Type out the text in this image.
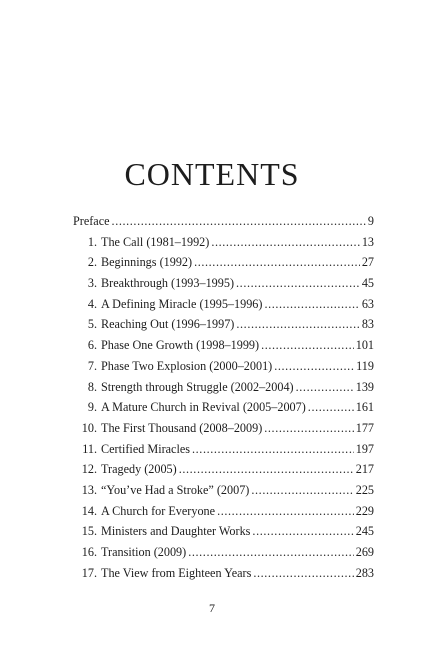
CONTENTS
Preface .....	9
1. The Call (1981–1992) .....	13
2. Beginnings (1992) .....	27
3. Breakthrough (1993–1995) .....	45
4. A Defining Miracle (1995–1996) .....	63
5. Reaching Out (1996–1997) .....	83
6. Phase One Growth (1998–1999) .....	101
7. Phase Two Explosion (2000–2001) .....	119
8. Strength through Struggle (2002–2004) .....	139
9. A Mature Church in Revival (2005–2007) .....	161
10. The First Thousand (2008–2009) .....	177
11. Certified Miracles .....	197
12. Tragedy (2005) .....	217
13. “You’ve Had a Stroke” (2007) .....	225
14. A Church for Everyone .....	229
15. Ministers and Daughter Works .....	245
16. Transition (2009) .....	269
17. The View from Eighteen Years .....	283
7
